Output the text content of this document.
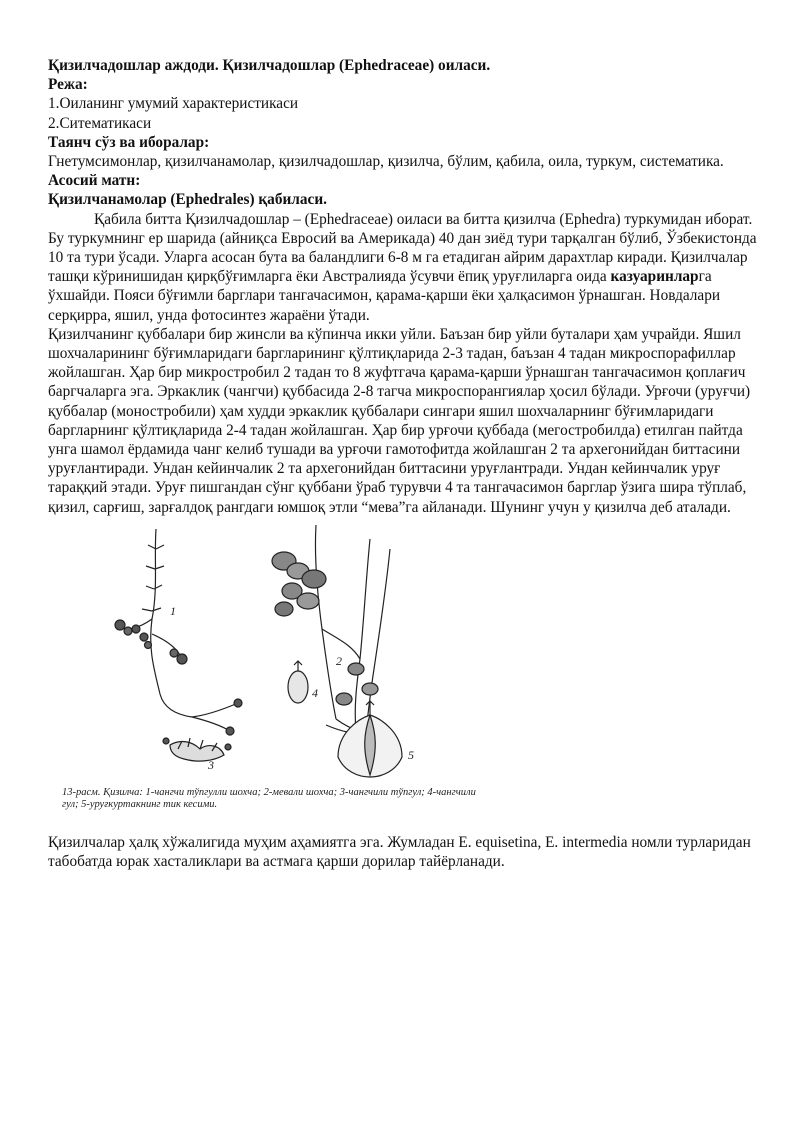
Қизилчадошлар аждоди. Қизилчадошлар (Ephedraceae) оиласи.

Режа:

1.Оиланинг умумий характеристикаси

2.Ситематикаси

Таянч сўз ва иборалар:

Гнетумсимонлар, қизилчанамолар, қизилчадошлар, қизилча, бўлим, қабила, оила, туркум, систематика.

Асосий матн:

Қизилчанамолар (Ephedrales) қабиласи.

Қабила битта Қизилчадошлар – (Ephedraceae) оиласи ва битта қизилча (Ephedra) туркумидан иборат. Бу туркумнинг ер шарида (айниқса Евросий ва Америкада) 40 дан зиёд тури тарқалган бўлиб, Ўзбекистонда 10 та тури ўсади. Уларга асосан бута ва баландлиги 6-8 м га етадиган айрим дарахтлар киради. Қизилчалар ташқи кўринишидан қирқбўғимларга ёки Австралияда ўсувчи ёпиқ уруғлиларга оида казуаринларга ўхшайди. Пояси бўғимли барглари тангачасимон, қарама-қарши ёки ҳалқасимон ўрнашган. Новдалари серқирра, яшил, унда фотосинтез жараёни ўтади.

Қизилчанинг қуббалари бир жинсли ва кўпинча икки уйли. Баъзан бир уйли буталари ҳам учрайди. Яшил шохчаларининг бўғимларидаги баргларининг қўлтиқларида 2-3 тадан, баъзан 4 тадан микроспорафиллар жойлашган. Ҳар бир микростробил 2 тадан то 8 жуфтгача қарама-қарши ўрнашган тангачасимон қоплағич баргчаларга эга. Эркаклик (чангчи) қуббасида 2-8 тагча микроспорангиялар ҳосил бўлади. Урғочи (уруғчи) қуббалар (моностробили) ҳам худди эркаклик қуббалари сингари яшил шохчаларнинг бўғимларидаги баргларнинг қўлтиқларида 2-4 тадан жойлашган. Ҳар бир урғочи қуббада (мегостробилда) етилган пайтда унга шамол ёрдамида чанг келиб тушади ва урғочи гамотофитда жойлашган 2 та архегонийдан биттасини уруғлантиради. Ундан кейинчалик 2 та архегонийдан биттасини уруғлантради. Ундан кейинчалик уруғ тараққий этади. Уруғ пишгандан сўнг қуббани ўраб турувчи 4 та тангачасимон барглар ўзига шира тўплаб, қизил, сарғиш, зарғалдоқ рангдаги юмшоқ этли “мева”га айланади. Шунинг учун у қизилча деб аталади.

1
2
3
4
5
13-расм. Қизилча: 1-чангчи тўпгулли шохча; 2-мевали шохча; 3-чангчили тўпгул; 4-чангчили гул; 5-уруғкуртакнинг тик кесими.

Қизилчалар ҳалқ хўжалигида муҳим аҳамиятга эга. Жумладан E. equisetina, E. intermedia номли турларидан табобатда юрак хасталиклари ва астмага қарши дорилар тайёрланади.
